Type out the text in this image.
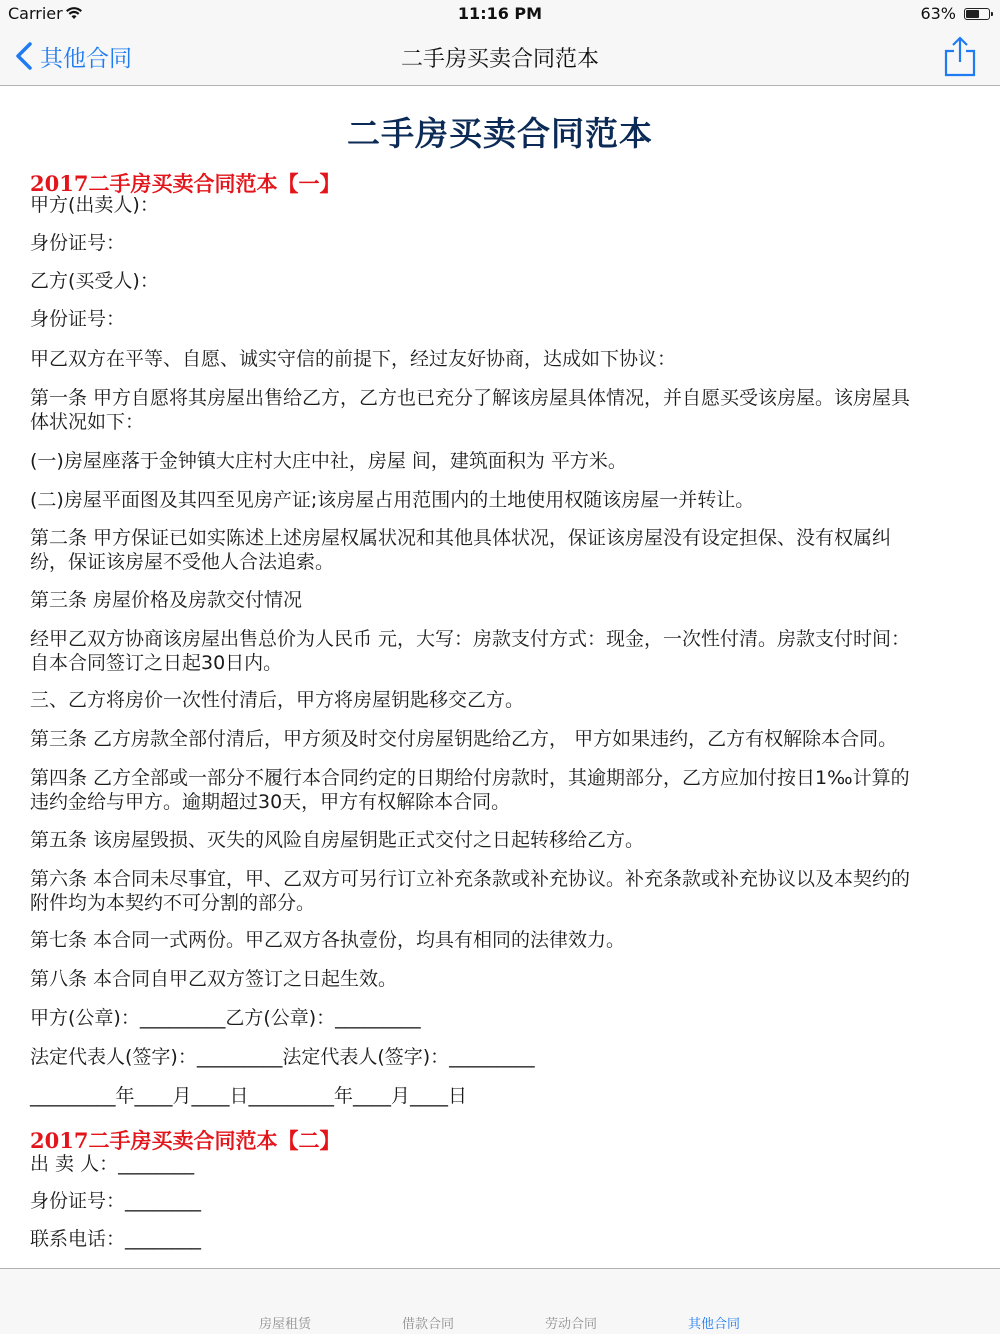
Carrier	11:16 PM	63%
其他合同	二手房买卖合同范本
二手房买卖合同范本
2017二手房买卖合同范本【一】
甲方(出卖人)：
身份证号：
乙方(买受人)：
身份证号：
甲乙双方在平等、自愿、诚实守信的前提下，经过友好协商，达成如下协议：
第一条 甲方自愿将其房屋出售给乙方，乙方也已充分了解该房屋具体情况，并自愿买受该房屋。该房屋具
体状况如下：
(一)房屋座落于金钟镇大庄村大庄中社，房屋 间，建筑面积为 平方米。
(二)房屋平面图及其四至见房产证;该房屋占用范围内的土地使用权随该房屋一并转让。
第二条 甲方保证已如实陈述上述房屋权属状况和其他具体状况，保证该房屋没有设定担保、没有权属纠
纷，保证该房屋不受他人合法追索。
第三条 房屋价格及房款交付情况
经甲乙双方协商该房屋出售总价为人民币 元，大写：房款支付方式：现金，一次性付清。房款支付时间：
自本合同签订之日起30日内。
三、乙方将房价一次性付清后，甲方将房屋钥匙移交乙方。
第三条 乙方房款全部付清后，甲方须及时交付房屋钥匙给乙方， 甲方如果违约，乙方有权解除本合同。
第四条 乙方全部或一部分不履行本合同约定的日期给付房款时，其逾期部分，乙方应加付按日1‰计算的
违约金给与甲方。逾期超过30天，甲方有权解除本合同。
第五条 该房屋毁损、灭失的风险自房屋钥匙正式交付之日起转移给乙方。
第六条 本合同未尽事宜，甲、乙双方可另行订立补充条款或补充协议。补充条款或补充协议以及本契约的
附件均为本契约不可分割的部分。
第七条 本合同一式两份。甲乙双方各执壹份，均具有相同的法律效力。
第八条 本合同自甲乙双方签订之日起生效。
甲方(公章)：_________乙方(公章)：_________
法定代表人(签字)：_________法定代表人(签字)：_________
_________年____月____日_________年____月____日
2017二手房买卖合同范本【二】
出 卖 人：________
身份证号：________
联系电话：________
房屋租赁	借款合同	劳动合同	其他合同
